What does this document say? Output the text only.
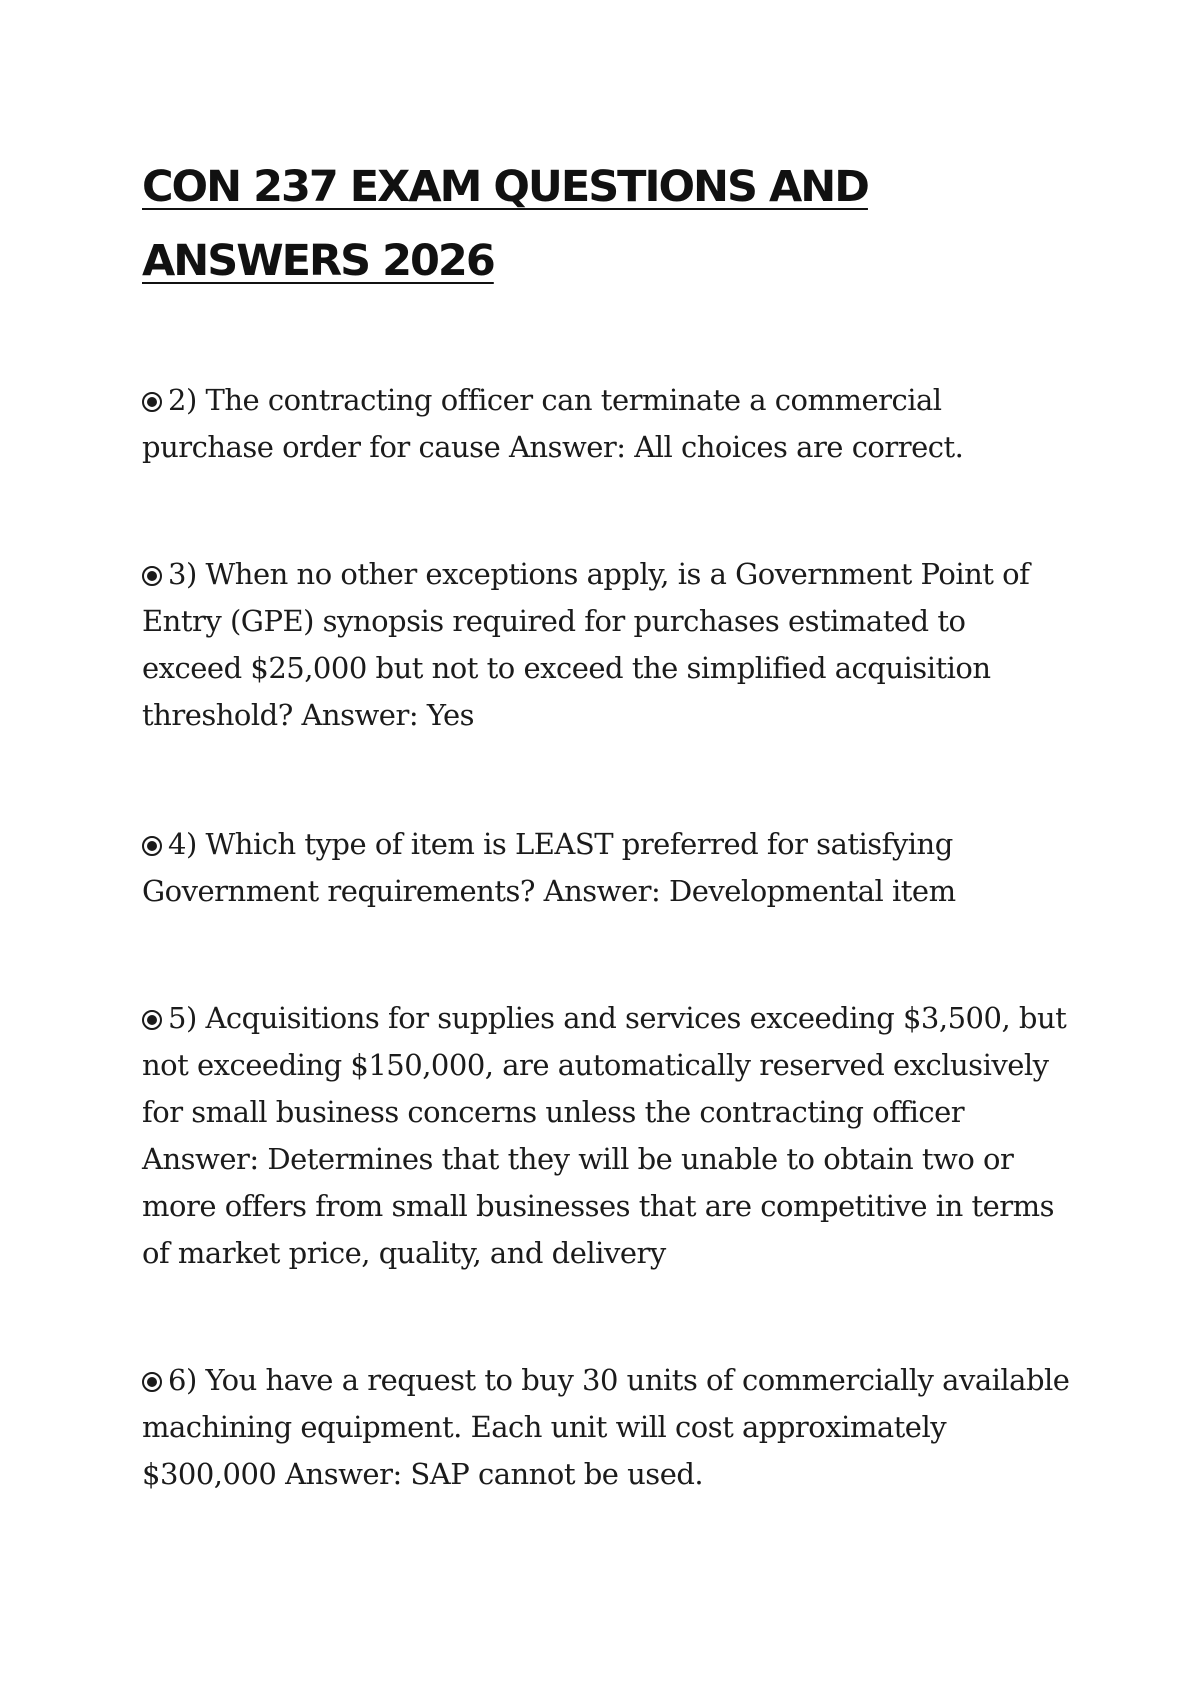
CON 237 EXAM QUESTIONS AND ANSWERS 2026

2) The contracting officer can terminate a commercial purchase order for cause Answer: All choices are correct.

3) When no other exceptions apply, is a Government Point of Entry (GPE) synopsis required for purchases estimated to exceed $25,000 but not to exceed the simplified acquisition threshold? Answer: Yes

4) Which type of item is LEAST preferred for satisfying Government requirements? Answer: Developmental item

5) Acquisitions for supplies and services exceeding $3,500, but not exceeding $150,000, are automatically reserved exclusively for small business concerns unless the contracting officer Answer: Determines that they will be unable to obtain two or more offers from small businesses that are competitive in terms of market price, quality, and delivery

6) You have a request to buy 30 units of commercially available machining equipment. Each unit will cost approximately $300,000 Answer: SAP cannot be used.
